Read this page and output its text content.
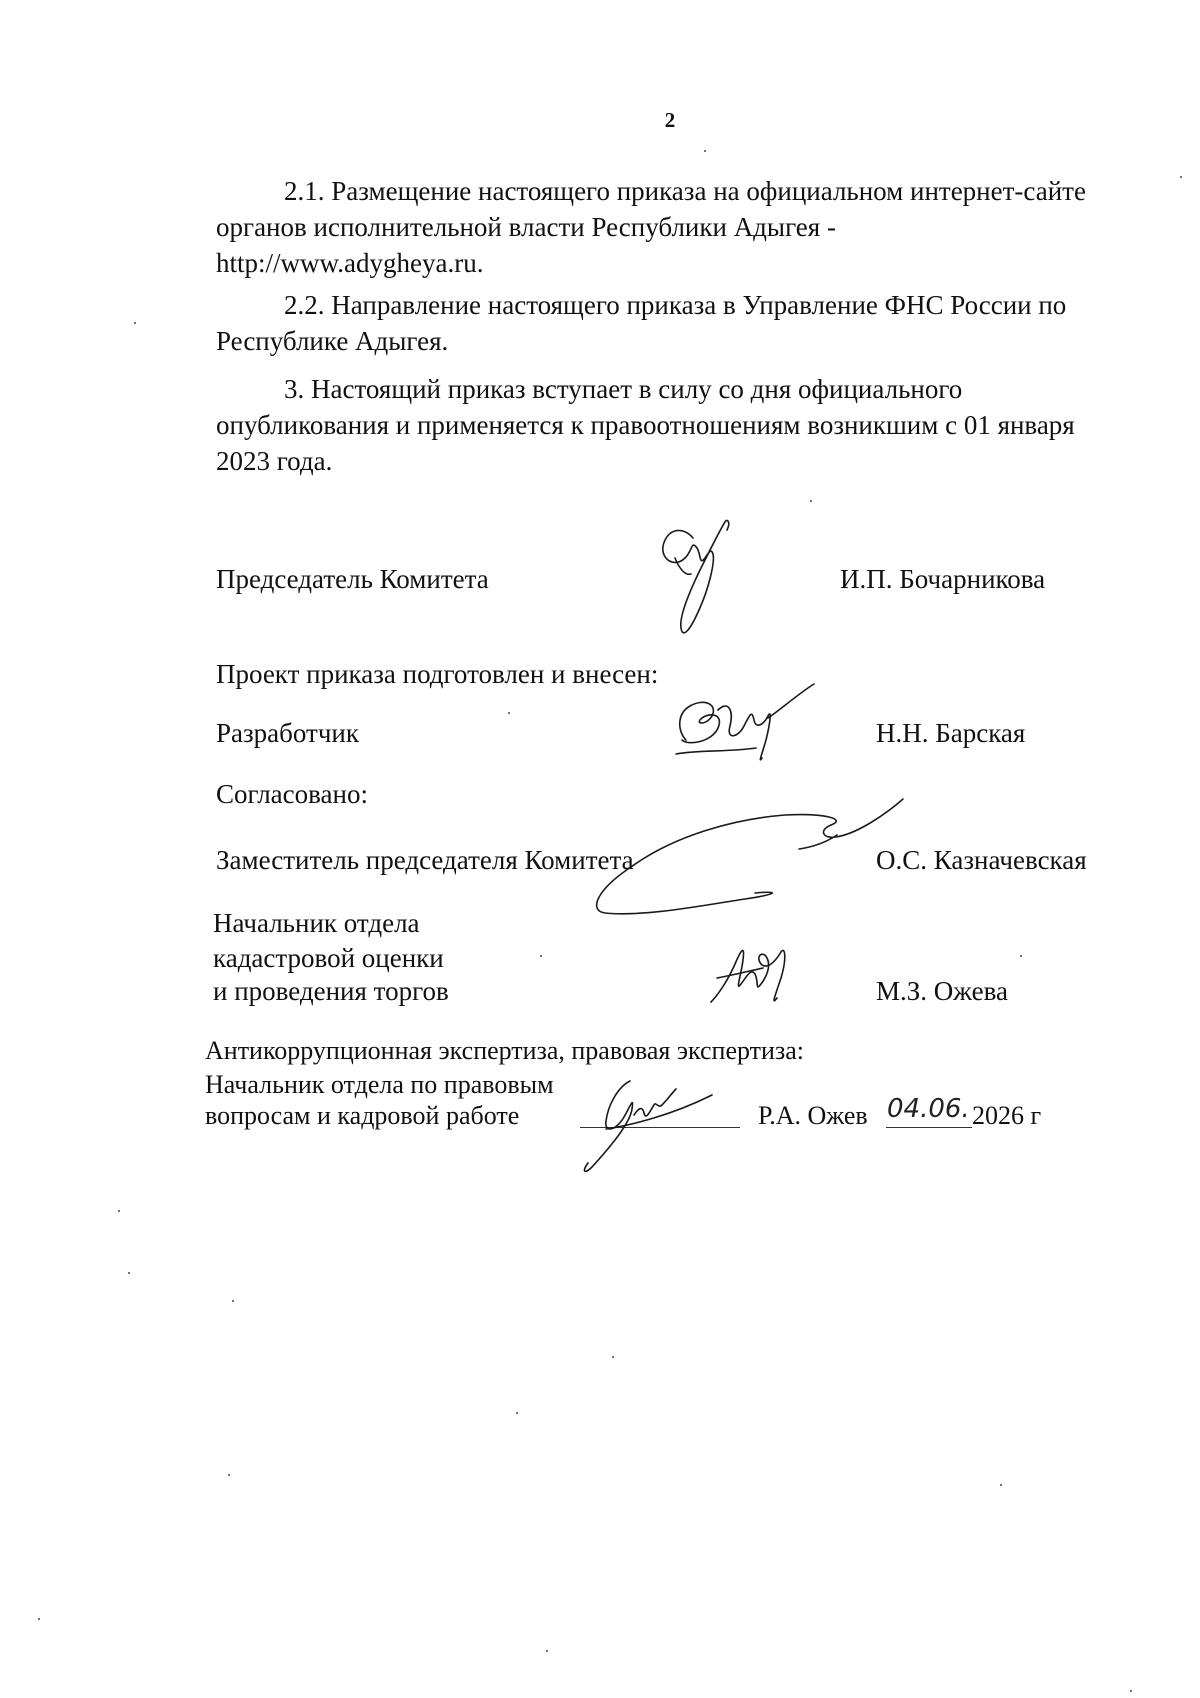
2
2.1. Размещение настоящего приказа на официальном интернет-сайте
органов исполнительной власти Республики Адыгея -
http://www.adygheya.ru.
2.2. Направление настоящего приказа в Управление ФНС России по
Республике Адыгея.
3. Настоящий приказ вступает в силу со дня официального
опубликования и применяется к правоотношениям возникшим с 01 января
2023 года.
Председатель Комитета	И.П. Бочарникова
Проект приказа подготовлен и внесен:
Разработчик	Н.Н. Барская
Согласовано:
Заместитель председателя Комитета	О.С. Казначевская
Начальник отдела
кадастровой оценки
и проведения торгов	М.З. Ожева
Антикоррупционная экспертиза, правовая экспертиза:
Начальник отдела по правовым
вопросам и кадровой работе	Р.А. Ожев 04.06. 2026 г
